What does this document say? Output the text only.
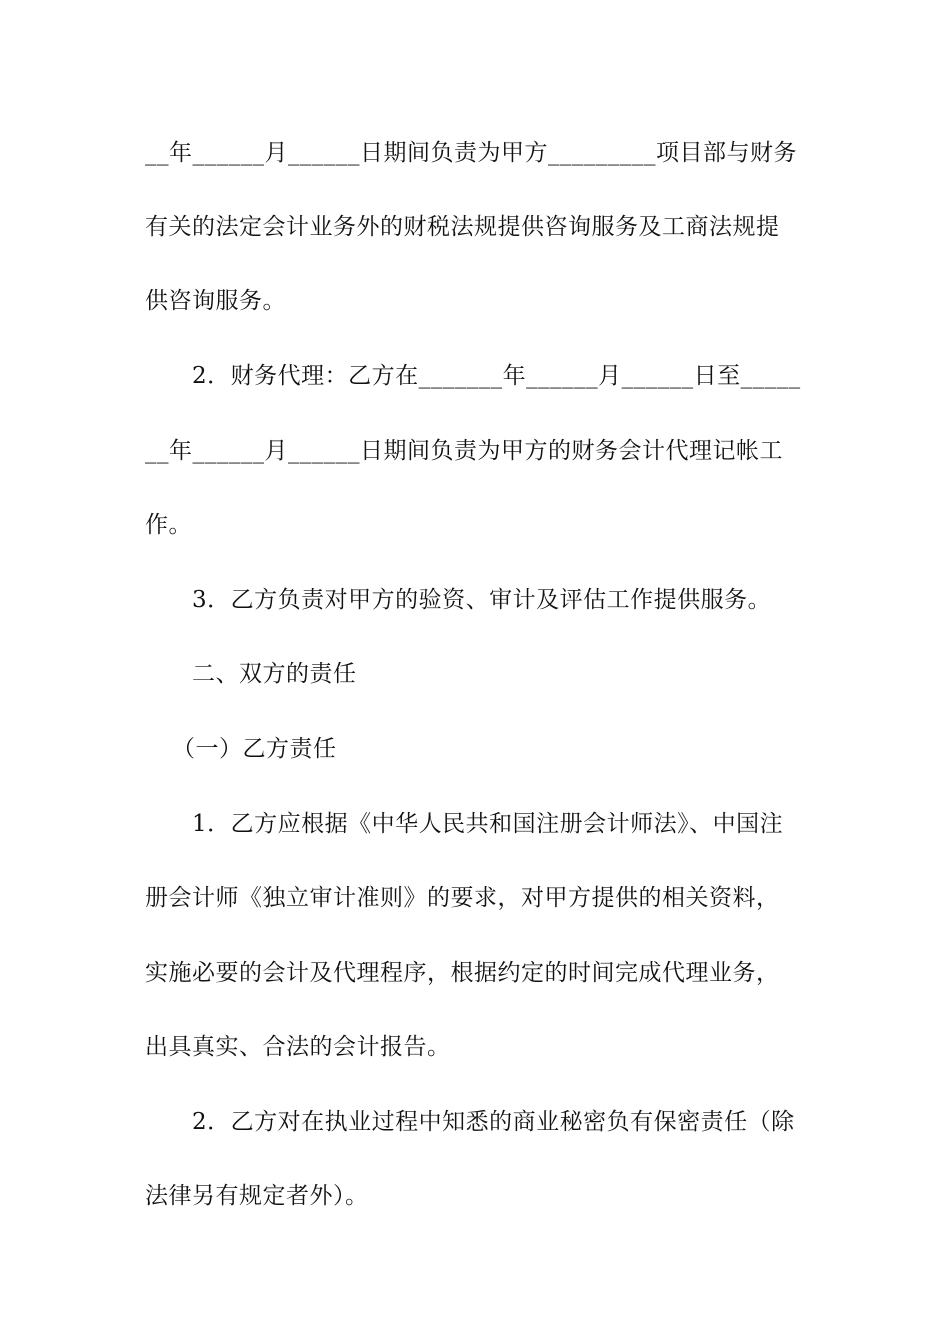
__年______月______日期间负责为甲方_________项目部与财务
有关的法定会计业务外的财税法规提供咨询服务及工商法规提
供咨询服务。
2．财务代理：乙方在_______年______月______日至_____
__年______月______日期间负责为甲方的财务会计代理记帐工
作。
3．乙方负责对甲方的验资、审计及评估工作提供服务。
二、双方的责任
（一）乙方责任
1．乙方应根据《中华人民共和国注册会计师法》、中国注
册会计师《独立审计准则》的要求，对甲方提供的相关资料，
实施必要的会计及代理程序，根据约定的时间完成代理业务，
出具真实、合法的会计报告。
2．乙方对在执业过程中知悉的商业秘密负有保密责任（除
法律另有规定者外）。
